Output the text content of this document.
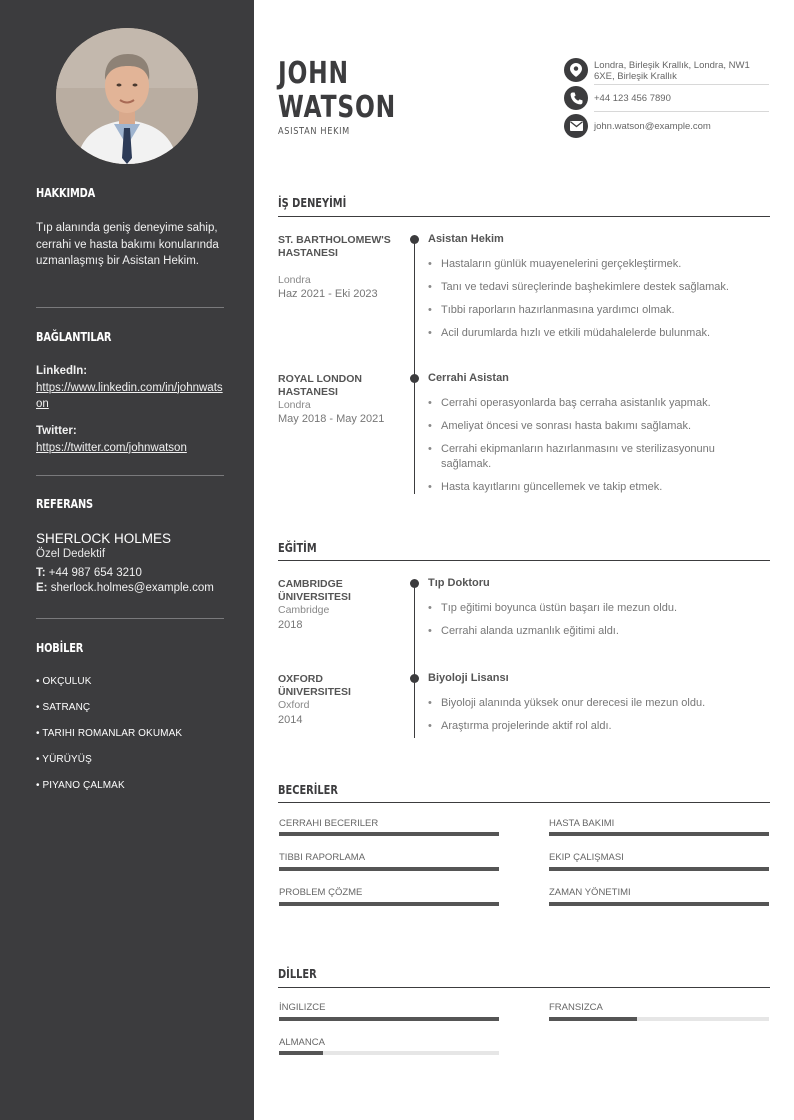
HAKKIMDA
Tıp alanında geniş deneyime sahip, cerrahi ve hasta bakımı konularında uzmanlaşmış bir Asistan Hekim.
BAĞLANTILAR
LinkedIn:
https://www.linkedin.com/in/johnwatson
Twitter:
https://twitter.com/johnwatson
REFERANS
SHERLOCK HOLMES
Özel Dedektif
T: +44 987 654 3210
E: sherlock.holmes@example.com
HOBİLER
• OKÇULUK
• SATRANÇ
• TARIHI ROMANLAR OKUMAK
• YÜRÜYÜŞ
• PIYANO ÇALMAK
JOHN
WATSON
ASISTAN HEKIM
Londra, Birleşik Krallık, Londra, NW1 6XE, Birleşik Krallık
+44 123 456 7890
john.watson@example.com
İŞ DENEYİMİ
ST. BARTHOLOMEW'S HASTANESI
Londra
Haz 2021 - Eki 2023
Asistan Hekim
• Hastaların günlük muayenelerini gerçekleştirmek.
• Tanı ve tedavi süreçlerinde başhekimlere destek sağlamak.
• Tıbbi raporların hazırlanmasına yardımcı olmak.
• Acil durumlarda hızlı ve etkili müdahalelerde bulunmak.
ROYAL LONDON HASTANESI
Londra
May 2018 - May 2021
Cerrahi Asistan
• Cerrahi operasyonlarda baş cerraha asistanlık yapmak.
• Ameliyat öncesi ve sonrası hasta bakımı sağlamak.
• Cerrahi ekipmanların hazırlanmasını ve sterilizasyonunu sağlamak.
• Hasta kayıtlarını güncellemek ve takip etmek.
EĞİTİM
CAMBRIDGE ÜNIVERSITESI
Cambridge
2018
Tıp Doktoru
• Tıp eğitimi boyunca üstün başarı ile mezun oldu.
• Cerrahi alanda uzmanlık eğitimi aldı.
OXFORD ÜNIVERSITESI
Oxford
2014
Biyoloji Lisansı
• Biyoloji alanında yüksek onur derecesi ile mezun oldu.
• Araştırma projelerinde aktif rol aldı.
BECERİLER
CERRAHI BECERILER	HASTA BAKIMI
TIBBI RAPORLAMA	EKIP ÇALIŞMASI
PROBLEM ÇÖZME	ZAMAN YÖNETIMI
DİLLER
İNGILIZCE	FRANSIZCA
ALMANCA
